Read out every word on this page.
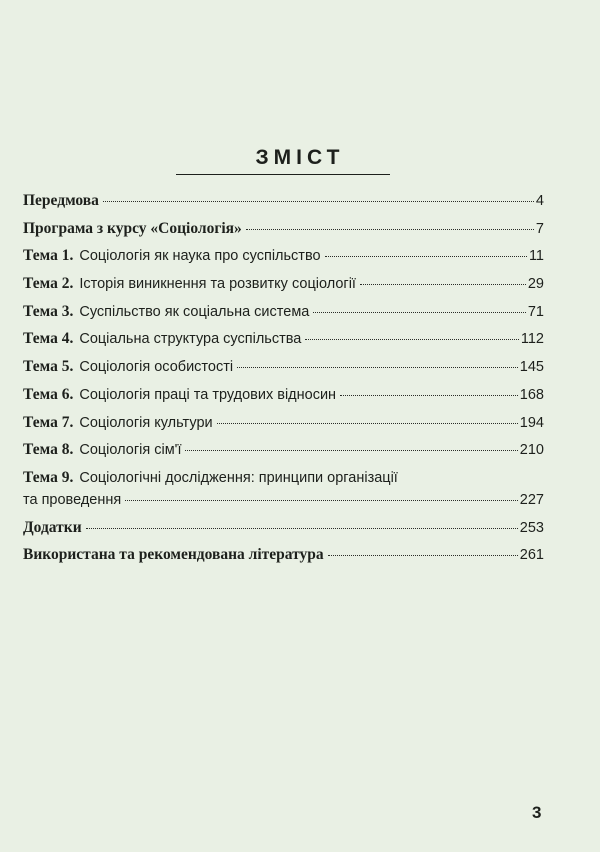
ЗМІСТ
Передмова	4
Програма з курсу «Соціологія»	7
Тема 1. Соціологія як наука про суспільство	11
Тема 2. Історія виникнення та розвитку соціології	29
Тема 3. Суспільство як соціальна система	71
Тема 4. Соціальна структура суспільства	112
Тема 5. Соціологія особистості	145
Тема 6. Соціологія праці та трудових відносин	168
Тема 7. Соціологія культури	194
Тема 8. Соціологія сім'ї	210
Тема 9. Соціологічні дослідження: принципи організації
та проведення	227
Додатки	253
Використана та рекомендована література	261
3
